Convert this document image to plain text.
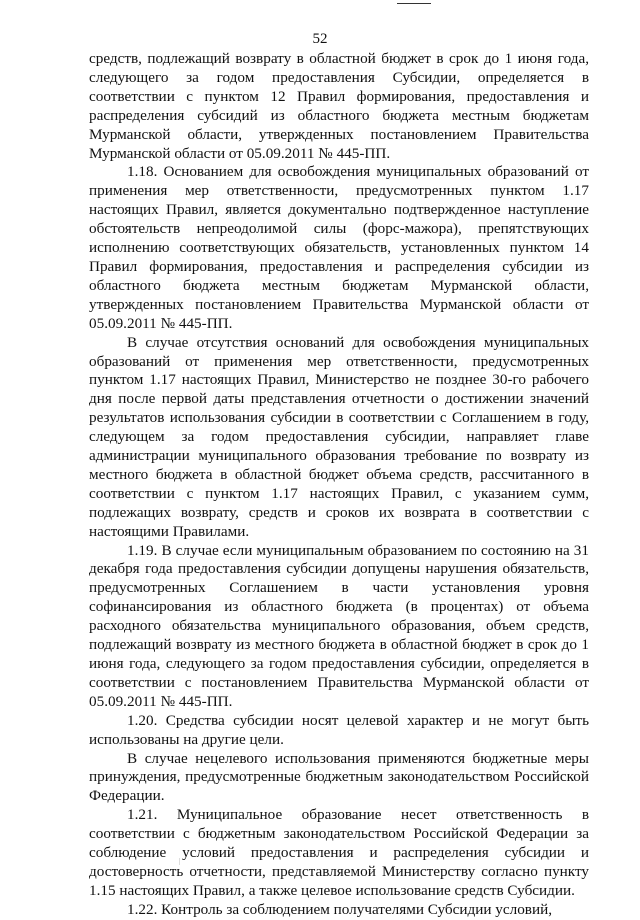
52

средств, подлежащий возврату в областной бюджет в срок до 1 июня года, следующего за годом предоставления Субсидии, определяется в соответствии с пунктом 12 Правил формирования, предоставления и распределения субсидий из областного бюджета местным бюджетам Мурманской области, утвержденных постановлением Правительства Мурманской области от 05.09.2011 № 445-ПП.

1.18. Основанием для освобождения муниципальных образований от применения мер ответственности, предусмотренных пунктом 1.17 настоящих Правил, является документально подтвержденное наступление обстоятельств непреодолимой силы (форс-мажора), препятствующих исполнению соответствующих обязательств, установленных пунктом 14 Правил формирования, предоставления и распределения субсидии из областного бюджета местным бюджетам Мурманской области, утвержденных постановлением Правительства Мурманской области от 05.09.2011 № 445-ПП.

В случае отсутствия оснований для освобождения муниципальных образований от применения мер ответственности, предусмотренных пунктом 1.17 настоящих Правил, Министерство не позднее 30-го рабочего дня после первой даты представления отчетности о достижении значений результатов использования субсидии в соответствии с Соглашением в году, следующем за годом предоставления субсидии, направляет главе администрации муниципального образования требование по возврату из местного бюджета в областной бюджет объема средств, рассчитанного в соответствии с пунктом 1.17 настоящих Правил, с указанием сумм, подлежащих возврату, средств и сроков их возврата в соответствии с настоящими Правилами.

1.19. В случае если муниципальным образованием по состоянию на 31 декабря года предоставления субсидии допущены нарушения обязательств, предусмотренных Соглашением в части установления уровня софинансирования из областного бюджета (в процентах) от объема расходного обязательства муниципального образования, объем средств, подлежащий возврату из местного бюджета в областной бюджет в срок до 1 июня года, следующего за годом предоставления субсидии, определяется в соответствии с постановлением Правительства Мурманской области от 05.09.2011 № 445-ПП.

1.20. Средства субсидии носят целевой характер и не могут быть использованы на другие цели.

В случае нецелевого использования применяются бюджетные меры принуждения, предусмотренные бюджетным законодательством Российской Федерации.

1.21. Муниципальное образование несет ответственность в соответствии с бюджетным законодательством Российской Федерации за соблюдение условий предоставления и распределения субсидии и достоверность отчетности, представляемой Министерству согласно пункту 1.15 настоящих Правил, а также целевое использование средств Субсидии.

1.22. Контроль за соблюдением получателями Субсидии условий,
